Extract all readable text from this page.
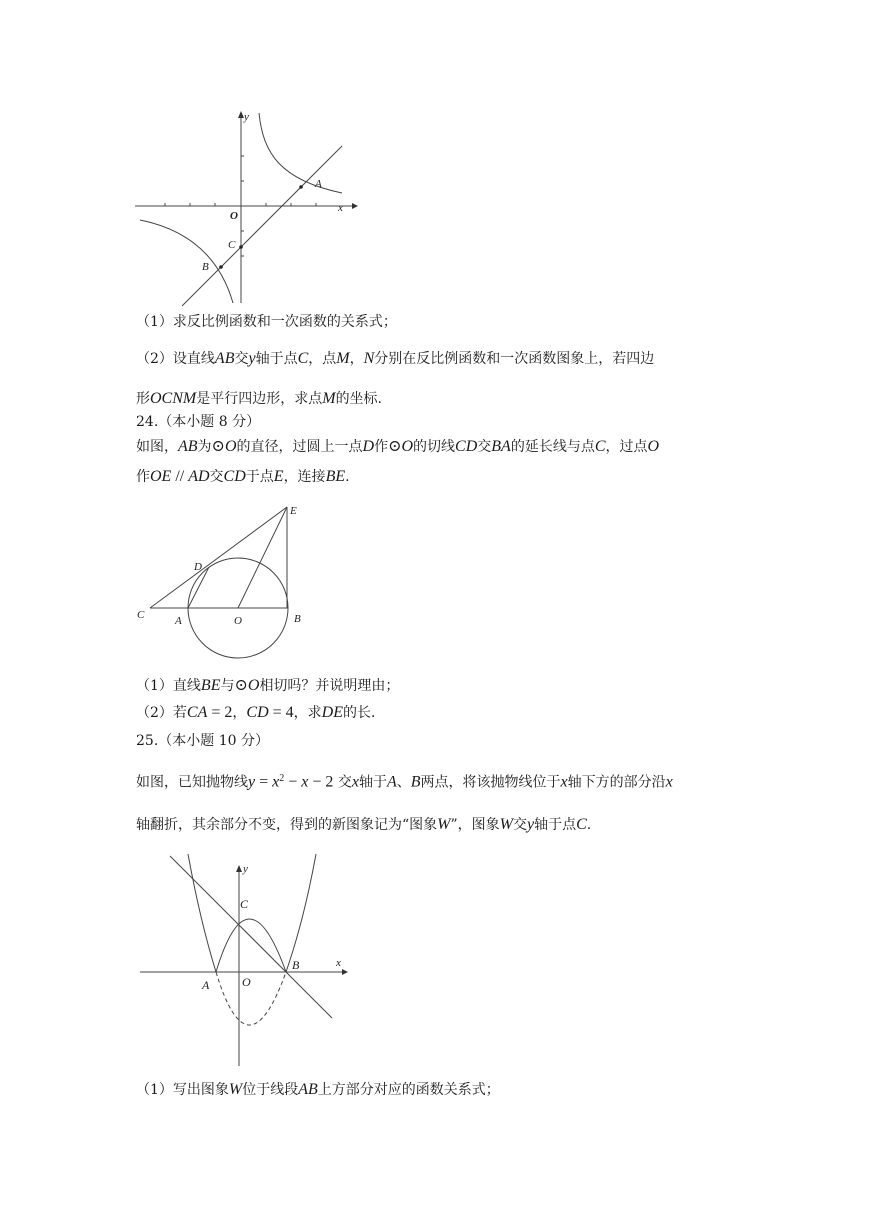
y
x
O
A
C
B
（1）求反比例函数和一次函数的关系式；
（2）设直线AB交y轴于点C，点M，N分别在反比例函数和一次函数图象上，若四边
形OCNM是平行四边形，求点M的坐标.
24.（本小题 8 分）
如图，AB为⊙O的直径，过圆上一点D作⊙O的切线CD交BA的延长线与点C，过点O
作OE // AD交CD于点E，连接BE.
E
D
C	A	O	B
（1）直线BE与⊙O相切吗？并说明理由；
（2）若CA = 2，CD = 4，求DE的长.
25.（本小题 10 分）
如图，已知抛物线$y = x^2 - x - 2$ 交x轴于A、B两点，将该抛物线位于x轴下方的部分沿x
轴翻折，其余部分不变，得到的新图象记为“图象W”，图象W交y轴于点C.
y
x
C
A	O
B
（1）写出图象W位于线段AB上方部分对应的函数关系式；
